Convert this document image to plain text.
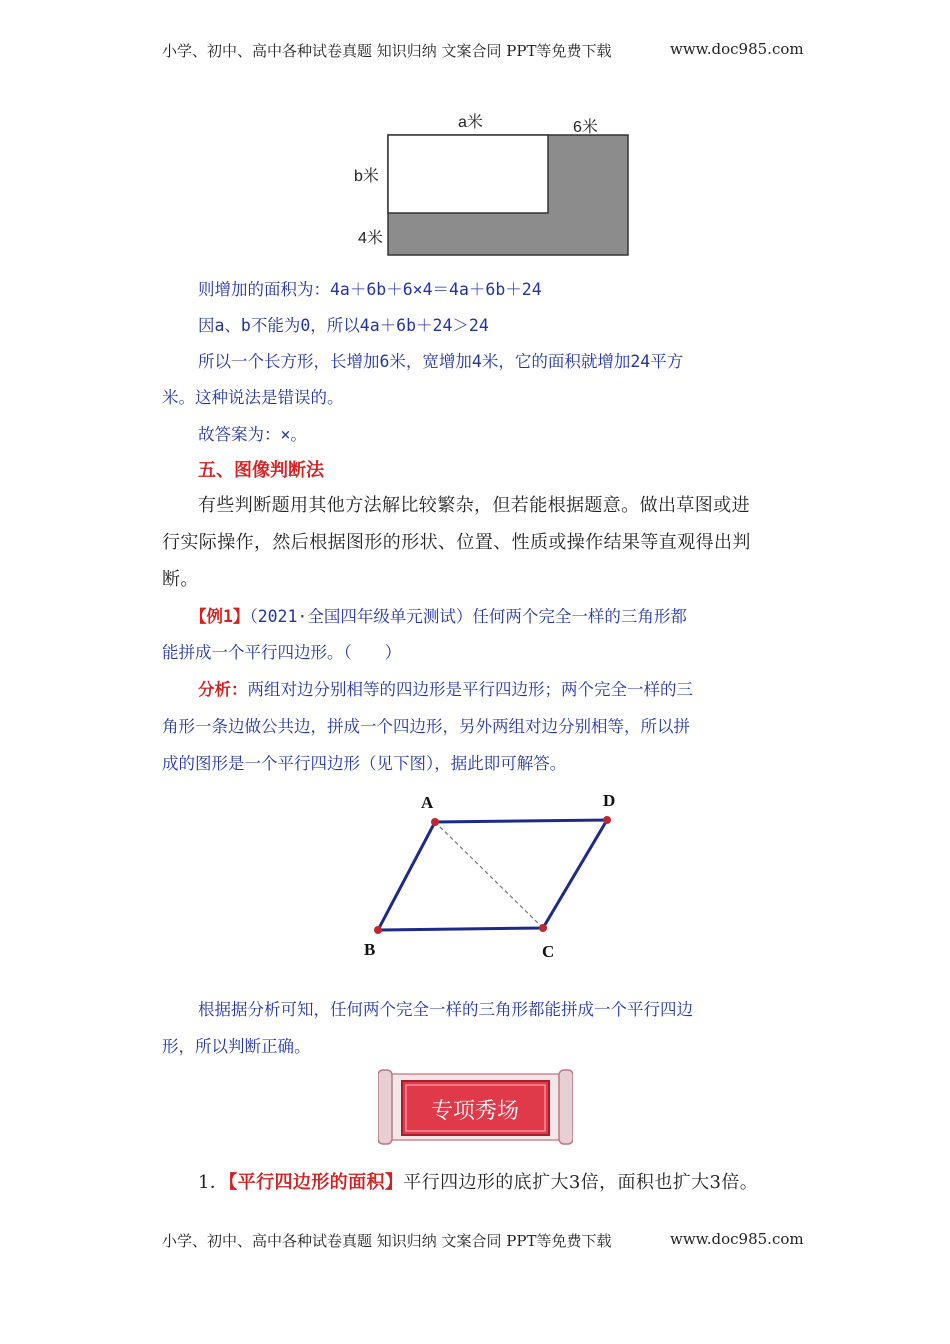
小学、初中、高中各种试卷真题 知识归纳 文案合同 PPT等免费下载	www.doc985.com
a米	6米
b米
4米
则增加的面积为：4a＋6b＋6×4＝4a＋6b＋24
因a、b不能为0，所以4a＋6b＋24＞24
所以一个长方形，长增加6米，宽增加4米，它的面积就增加24平方
米。这种说法是错误的。
故答案为：×。
五、图像判断法
有些判断题用其他方法解比较繁杂，但若能根据题意。做出草图或进
行实际操作，然后根据图形的形状、位置、性质或操作结果等直观得出判
断。
【例1】（2021·全国四年级单元测试）任何两个完全一样的三角形都
能拼成一个平行四边形。（　　）
分析：两组对边分别相等的四边形是平行四边形；两个完全一样的三
角形一条边做公共边，拼成一个四边形，另外两组对边分别相等，所以拼
成的图形是一个平行四边形（见下图），据此即可解答。
A	D
B	C
根据据分析可知，任何两个完全一样的三角形都能拼成一个平行四边
形，所以判断正确。
专项秀场
1．【平行四边形的面积】平行四边形的底扩大3倍，面积也扩大3倍。
小学、初中、高中各种试卷真题 知识归纳 文案合同 PPT等免费下载	www.doc985.com
